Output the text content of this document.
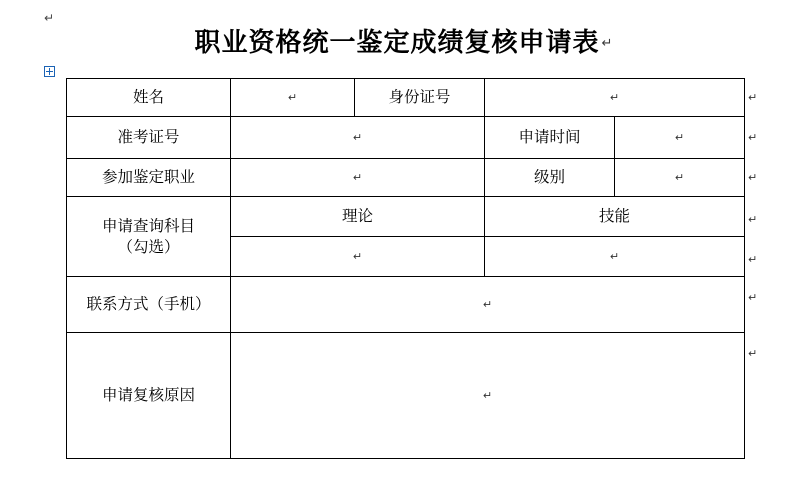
↵
职业资格统一鉴定成绩复核申请表 ↵
姓名	↵	身份证号	↵	

准考证号	↵		申请时间	↵

参加鉴定职业	↵		级别	↵

申请查询科目
（勾选）	理论		技能	

	↵		↵	

联系方式（手机）	↵			

申请复核原因	↵			
↵
↵
↵
↵
↵
↵
↵
